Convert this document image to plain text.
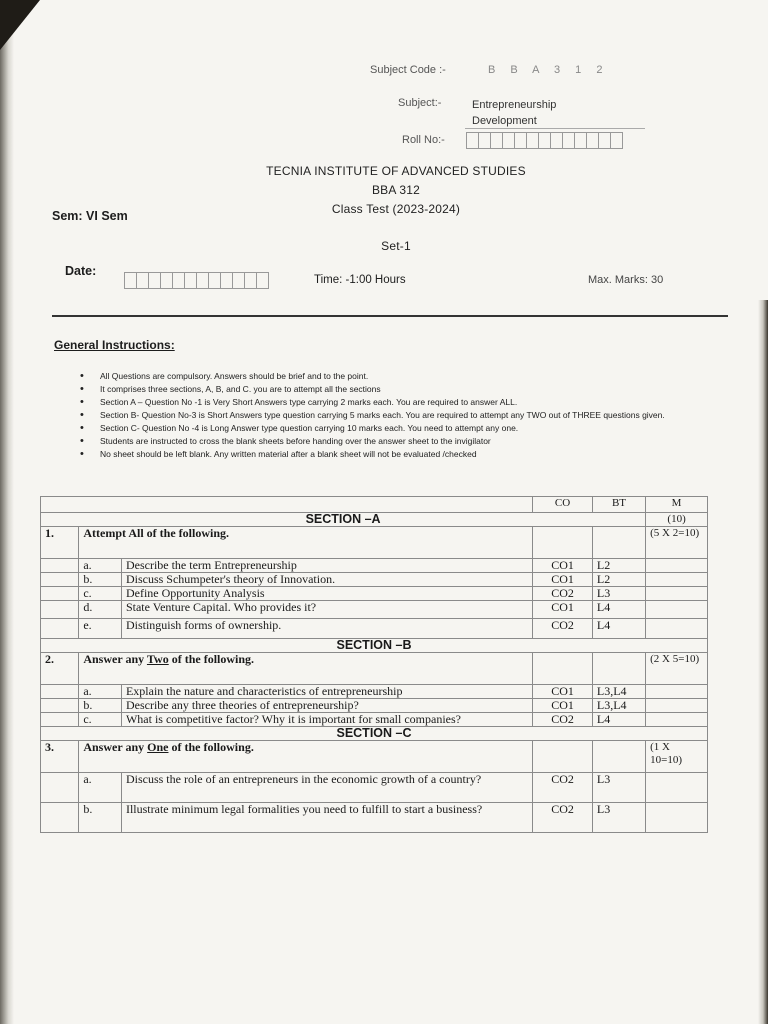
Subject Code :-	B B A 3 1 2
Subject:-	Entrepreneurship
Development
Roll No:-
TECNIA INSTITUTE OF ADVANCED STUDIES
BBA 312
Class Test (2023-2024)
Sem: VI Sem
Set-1
Date:
Time: -1:00 Hours	Max. Marks: 30
General Instructions:
• All Questions are compulsory. Answers should be brief and to the point.
• It comprises three sections, A, B, and C. you are to attempt all the sections
• Section A – Question No -1 is Very Short Answers type carrying 2 marks each. You are required to answer ALL.
• Section B- Question No-3 is Short Answers type question carrying 5 marks each. You are required to attempt any TWO out of THREE questions given.
• Section C- Question No -4 is Long Answer type question carrying 10 marks each. You need to attempt any one.
• Students are instructed to cross the blank sheets before handing over the answer sheet to the invigilator
• No sheet should be left blank. Any written material after a blank sheet will not be evaluated /checked
			CO	BT	M
SECTION –A					(10)
1.	Attempt All of the following.				(5 X 2=10)
	a.	Describe the term Entrepreneurship	CO1	L2	
	b.	Discuss Schumpeter's theory of Innovation.	CO1	L2	
	c.	Define Opportunity Analysis	CO2	L3	
	d.	State Venture Capital. Who provides it?	CO1	L4	
	e.	Distinguish forms of ownership.	CO2	L4	
SECTION –B					
2.	Answer any Two of the following.				(2 X 5=10)
	a.	Explain the nature and characteristics of entrepreneurship	CO1	L3,L4	
	b.	Describe any three theories of entrepreneurship?	CO1	L3,L4	
	c.	What is competitive factor? Why it is important for small companies?	CO2	L4	
SECTION –C					
3.	Answer any One of the following.				(1 X 10=10)
	a.	Discuss the role of an entrepreneurs in the economic growth of a country?	CO2	L3	
	b.	Illustrate minimum legal formalities you need to fulfill to start a business?	CO2	L3	
